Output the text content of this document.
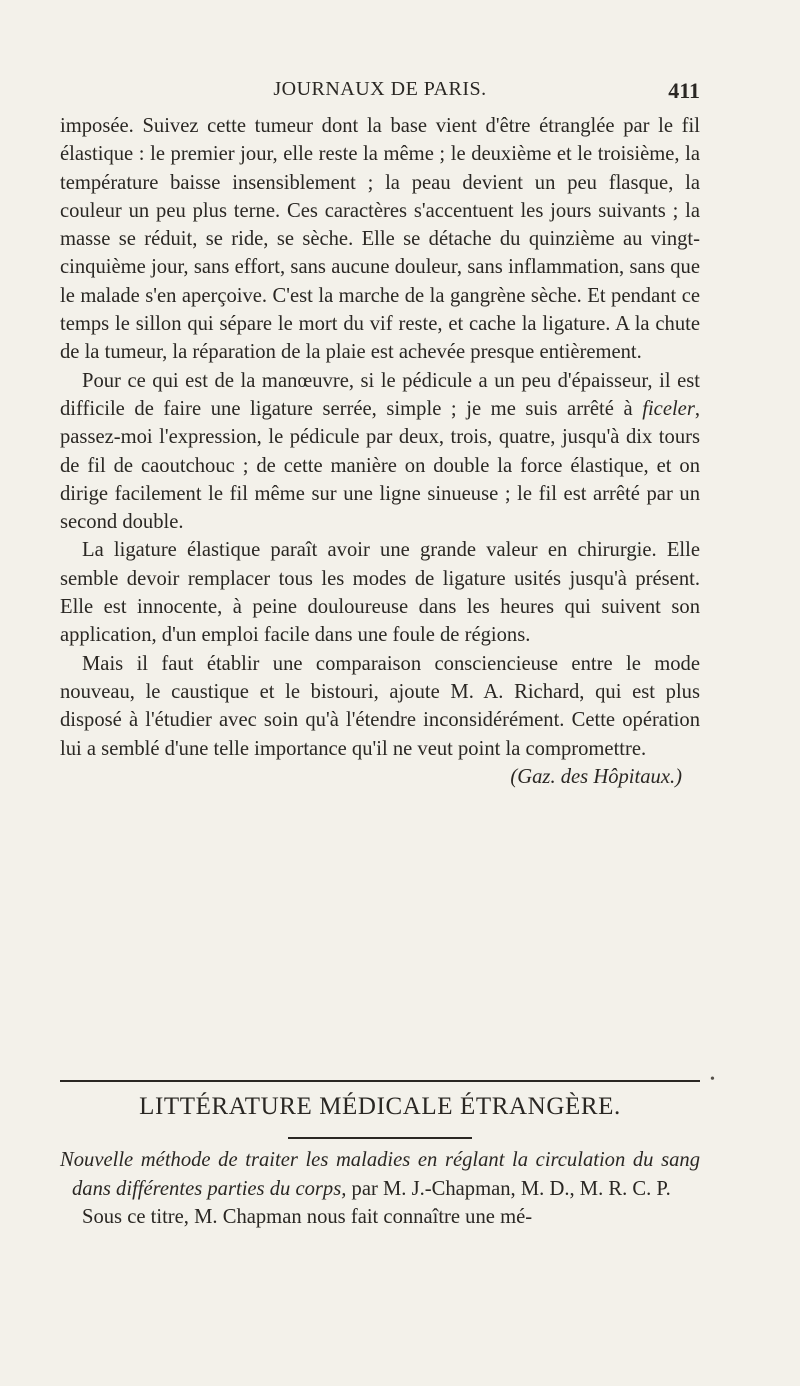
JOURNAUX DE PARIS.	411

imposée. Suivez cette tumeur dont la base vient d'être étranglée par le fil élastique : le premier jour, elle reste la même ; le deuxième et le troisième, la température baisse insensiblement ; la peau devient un peu flasque, la couleur un peu plus terne. Ces caractères s'accentuent les jours suivants ; la masse se réduit, se ride, se sèche. Elle se détache du quinzième au vingt-cinquième jour, sans effort, sans aucune douleur, sans inflammation, sans que le malade s'en aperçoive. C'est la marche de la gangrène sèche. Et pendant ce temps le sillon qui sépare le mort du vif reste, et cache la ligature. A la chute de la tumeur, la réparation de la plaie est achevée presque entièrement.

Pour ce qui est de la manœuvre, si le pédicule a un peu d'épaisseur, il est difficile de faire une ligature serrée, simple ; je me suis arrêté à ficeler, passez-moi l'expression, le pédicule par deux, trois, quatre, jusqu'à dix tours de fil de caoutchouc ; de cette manière on double la force élastique, et on dirige facilement le fil même sur une ligne sinueuse ; le fil est arrêté par un second double.

La ligature élastique paraît avoir une grande valeur en chirurgie. Elle semble devoir remplacer tous les modes de ligature usités jusqu'à présent. Elle est innocente, à peine douloureuse dans les heures qui suivent son application, d'un emploi facile dans une foule de régions.

Mais il faut établir une comparaison consciencieuse entre le mode nouveau, le caustique et le bistouri, ajoute M. A. Richard, qui est plus disposé à l'étudier avec soin qu'à l'étendre inconsidérément. Cette opération lui a semblé d'une telle importance qu'il ne veut point la compromettre.

(Gaz. des Hôpitaux.)

•
LITTÉRATURE MÉDICALE ÉTRANGÈRE.

Nouvelle méthode de traiter les maladies en réglant la circulation du sang dans différentes parties du corps, par M. J.-Chapman, M. D., M. R. C. P.

Sous ce titre, M. Chapman nous fait connaître une mé-
